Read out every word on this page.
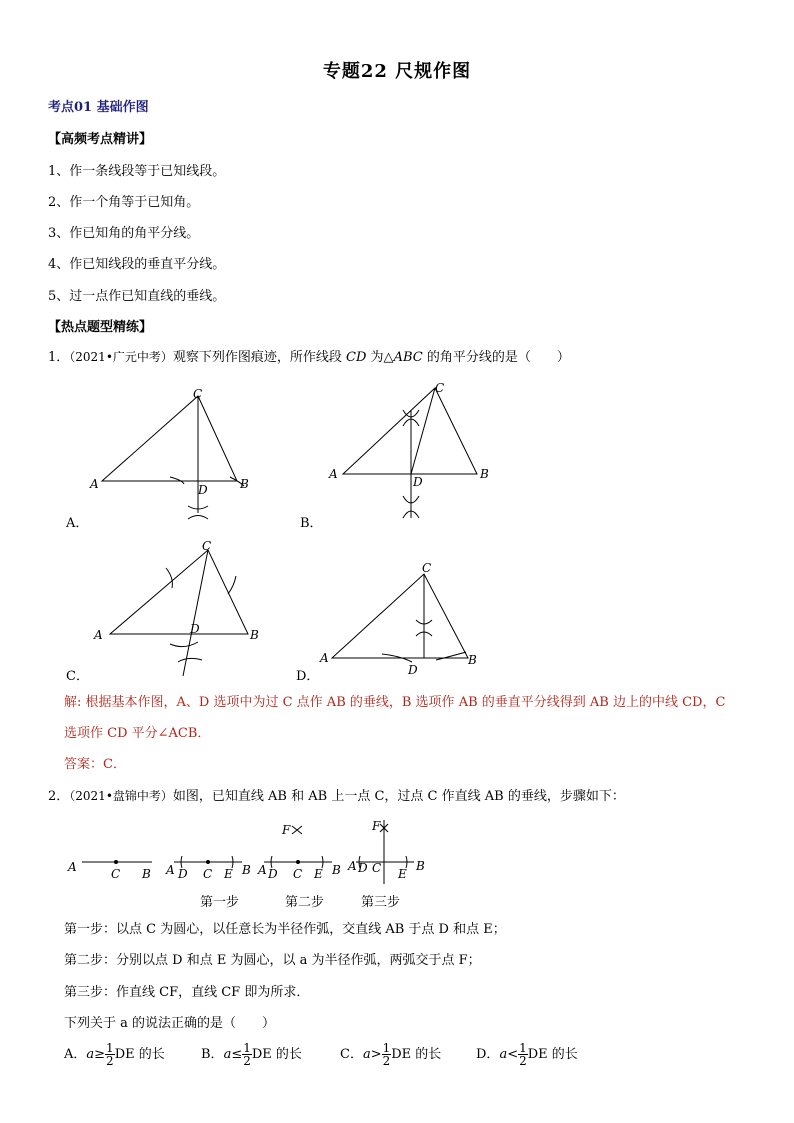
专题22 尺规作图
考点01 基础作图
【高频考点精讲】
1、作一条线段等于已知线段。
2、作一个角等于已知角。
3、作已知角的角平分线。
4、作已知线段的垂直平分线。
5、过一点作已知直线的垂线。
【热点题型精练】
1．（2021•广元中考）观察下列作图痕迹，所作线段 CD 为△ABC 的角平分线的是（　　）
A
C
D	B
A．
C
A
D
B
B．
C
A	D	B
C．
C
A
D
B
D．
解: 根据基本作图，A、D 选项中为过 C 点作 AB 的垂线，B 选项作 AB 的垂直平分线得到 AB 边上的中线 CD，C
选项作 CD 平分∠ACB．
答案：C．
2．（2021•盘锦中考）如图，已知直线 AB 和 AB 上一点 C，过点 C 作直线 AB 的垂线，步骤如下：
A	C B A D C E B
F
A D C E B
F
A D C E
B
第一步	第二步	第三步
第一步：以点 C 为圆心，以任意长为半径作弧，交直线 AB 于点 D 和点 E；
第二步：分别以点 D 和点 E 为圆心，以 a 为半径作弧，两弧交于点 F；
第三步：作直线 CF，直线 CF 即为所求．
下列关于 a 的说法正确的是（　　）
A．$a\ge \frac{1}{2}$ DE 的长	B．$a\le \frac{1}{2}$ DE 的长	C．$a> \frac{1}{2}$ DE 的长	D．$a< \frac{1}{2}$ DE 的长
